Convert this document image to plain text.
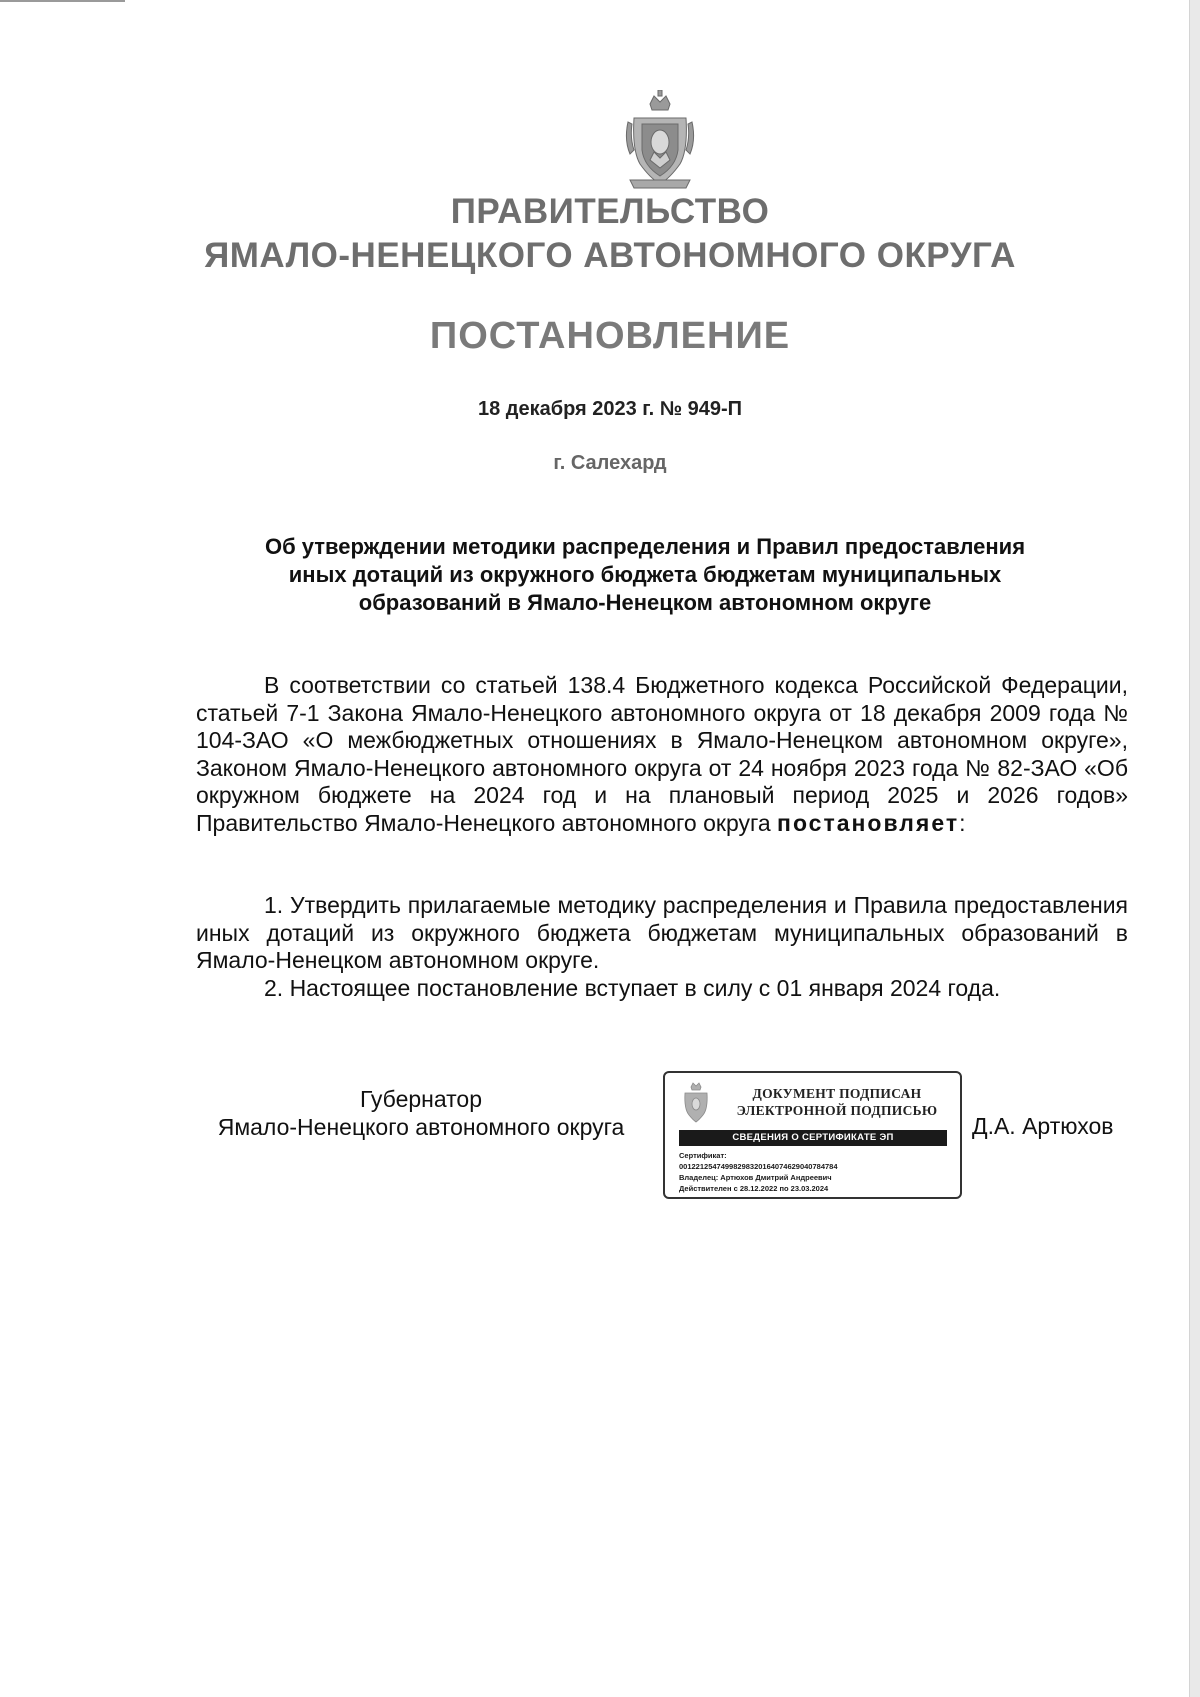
ПРАВИТЕЛЬСТВО
ЯМАЛО-НЕНЕЦКОГО АВТОНОМНОГО ОКРУГА
ПОСТАНОВЛЕНИЕ
18 декабря 2023 г. № 949-П
г. Салехард
Об утверждении методики распределения и Правил предоставления
иных дотаций из окружного бюджета бюджетам муниципальных
образований в Ямало-Ненецком автономном округе

В соответствии со статьей 138.4 Бюджетного кодекса Российской Федерации, статьей 7-1 Закона Ямало-Ненецкого автономного округа от 18 декабря 2009 года № 104-ЗАО «О межбюджетных отношениях в Ямало-Ненецком автономном округе», Законом Ямало-Ненецкого автономного округа от 24 ноября 2023 года № 82-ЗАО «Об окружном бюджете на 2024 год и на плановый период 2025 и 2026 годов» Правительство Ямало-Ненецкого автономного округа постановляет:

1. Утвердить прилагаемые методику распределения и Правила предоставления иных дотаций из окружного бюджета бюджетам муниципальных образований в Ямало-Ненецком автономном округе.

2. Настоящее постановление вступает в силу с 01 января 2024 года.

Губернатор
Ямало-Ненецкого автономного округа
ДОКУМЕНТ ПОДПИСАН
ЭЛЕКТРОННОЙ ПОДПИСЬЮ
СВЕДЕНИЯ О СЕРТИФИКАТЕ ЭП
Сертификат:
0012212547499829832016407462904078478​4
Владелец: Артюхов Дмитрий Андреевич
Действителен с 28.12.2022 по 23.03.2024
Д.А. Артюхов
